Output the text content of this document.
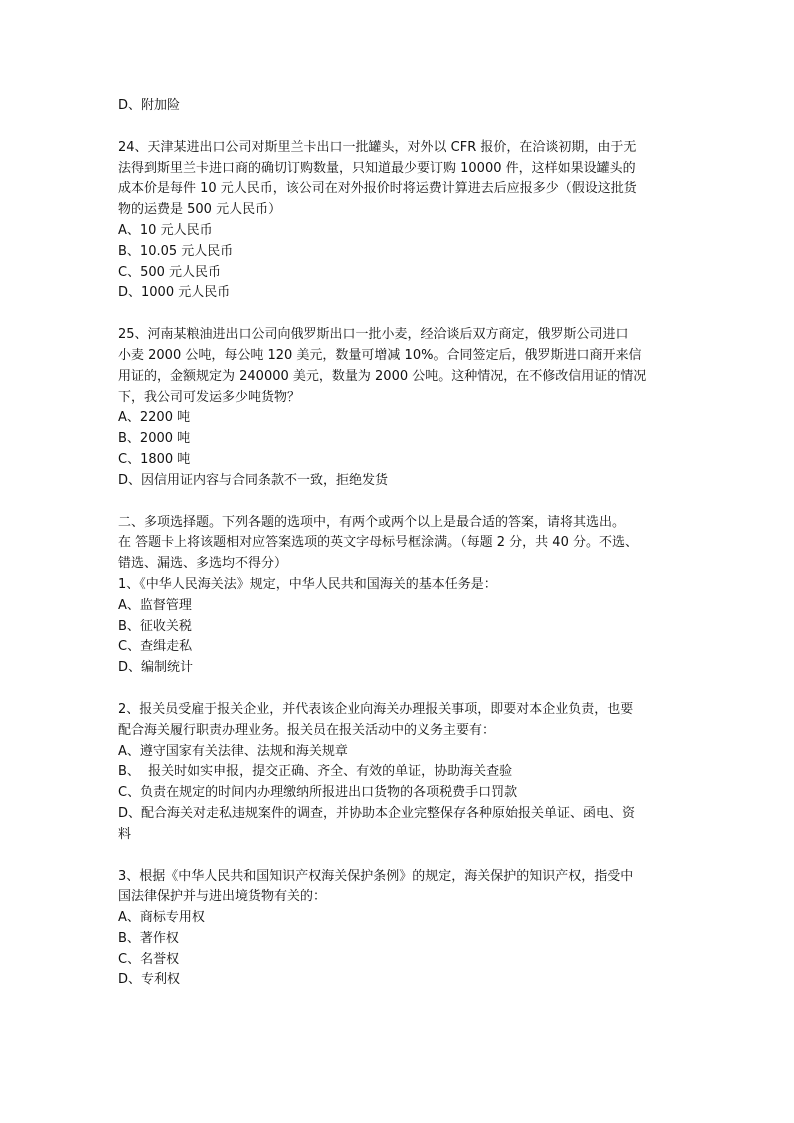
D、附加险
24、天津某进出口公司对斯里兰卡出口一批罐头，对外以 CFR 报价，在洽谈初期，由于无
法得到斯里兰卡进口商的确切订购数量，只知道最少要订购 10000 件，这样如果设罐头的
成本价是每件 10 元人民币，该公司在对外报价时将运费计算进去后应报多少（假设这批货
物的运费是 500 元人民币）
A、10 元人民币
B、10.05 元人民币
C、500 元人民币
D、1000 元人民币
25、河南某粮油进出口公司向俄罗斯出口一批小麦，经洽谈后双方商定，俄罗斯公司进口
小麦 2000 公吨，每公吨 120 美元，数量可增减 10%。合同签定后，俄罗斯进口商开来信
用证的，金额规定为 240000 美元，数量为 2000 公吨。这种情况，在不修改信用证的情况
下，我公司可发运多少吨货物？
A、2200 吨
B、2000 吨
C、1800 吨
D、因信用证内容与合同条款不一致，拒绝发货
二、多项选择题。下列各题的选项中，有两个或两个以上是最合适的答案，请将其选出。
在 答题卡上将该题相对应答案选项的英文字母标号框涂满。（每题 2 分，共 40 分。不选、
错选、漏选、多选均不得分）
1、《中华人民海关法》规定，中华人民共和国海关的基本任务是：
A、监督管理
B、征收关税
C、查缉走私
D、编制统计
2、报关员受雇于报关企业，并代表该企业向海关办理报关事项，即要对本企业负责，也要
配合海关履行职责办理业务。报关员在报关活动中的义务主要有：
A、遵守国家有关法律、法规和海关规章
B、  报关时如实申报，提交正确、齐全、有效的单证，协助海关查验
C、负责在规定的时间内办理缴纳所报进出口货物的各项税费手口罚款
D、配合海关对走私违规案件的调查，并协助本企业完整保存各种原始报关单证、函电、资
料
3、根据《中华人民共和国知识产权海关保护条例》的规定，海关保护的知识产权，指受中
国法律保护并与进出境货物有关的：
A、商标专用权
B、著作权
C、名誉权
D、专利权
